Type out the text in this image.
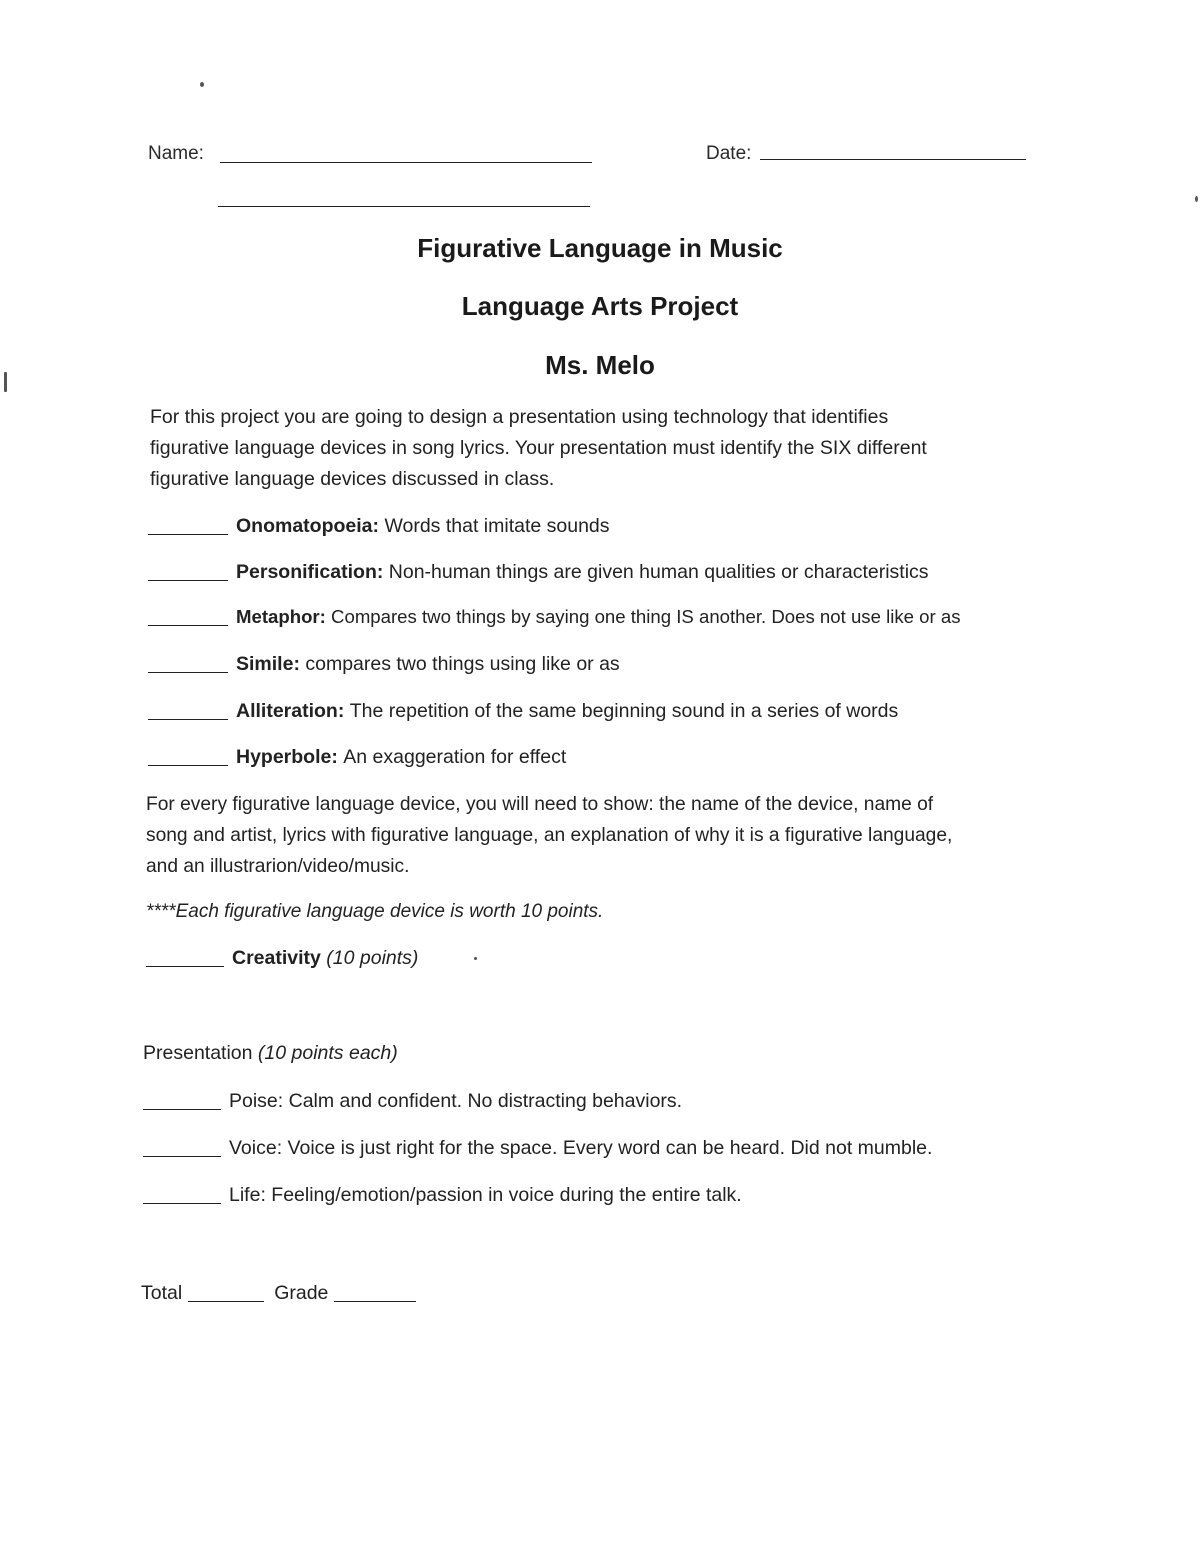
Name:	Date:
Figurative Language in Music
Language Arts Project
Ms. Melo
For this project you are going to design a presentation using technology that identifies
figurative language devices in song lyrics. Your presentation must identify the SIX different
figurative language devices discussed in class.
Onomatopoeia:
Words that imitate sounds
Personification:
Non-human things are given human qualities or characteristics
Metaphor:
Compares two things by saying one thing IS another. Does not use like or as
Simile:
compares two things using like or as
Alliteration:
The repetition of the same beginning sound in a series of words
Hyperbole:
An exaggeration for effect
For every figurative language device, you will need to show: the name of the device, name of
song and artist, lyrics with figurative language, an explanation of why it is a figurative language,
and an illustrarion/video/music.
****Each figurative language device is worth 10 points.
Creativity
(10 points)
Presentation
(10 points each)
Poise:
Calm and confident. No distracting behaviors.
Voice:
Voice is just right for the space. Every word can be heard. Did not mumble.
Life:
Feeling/emotion/passion in voice during the entire talk.
Total	Grade
